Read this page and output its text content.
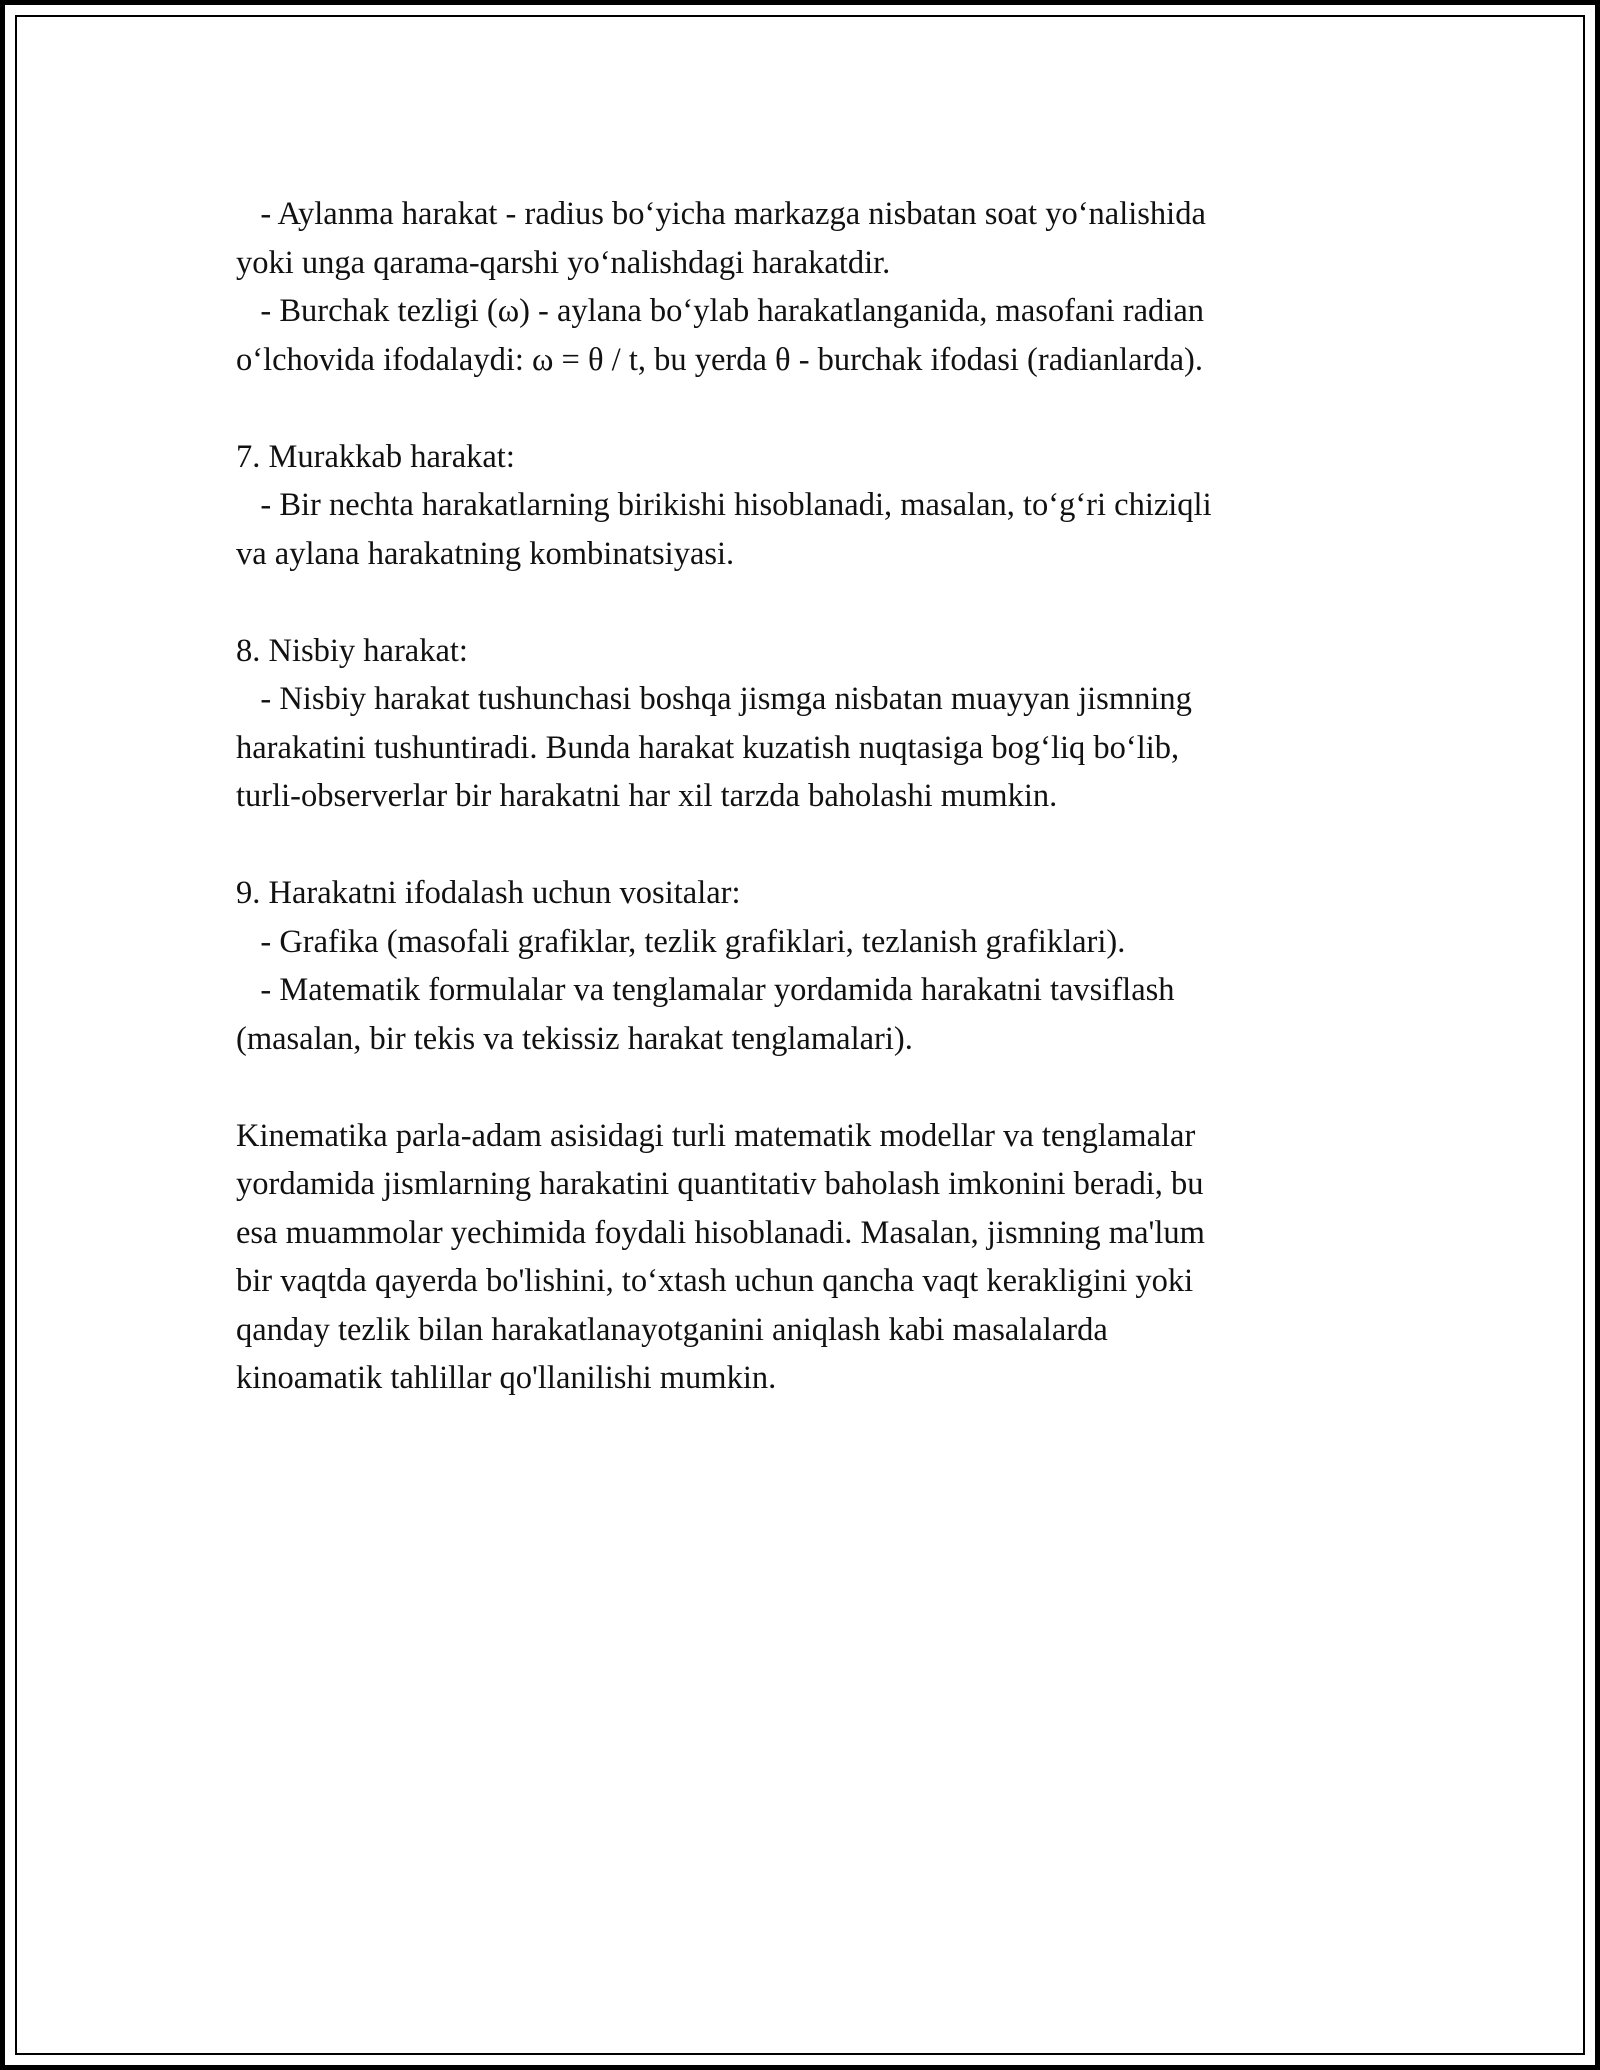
- Aylanma harakat - radius bo‘yicha markazga nisbatan soat yo‘nalishida
yoki unga qarama-qarshi yo‘nalishdagi harakatdir.
- Burchak tezligi (ω) - aylana bo‘ylab harakatlanganida, masofani radian
o‘lchovida ifodalaydi: ω = θ / t, bu yerda θ - burchak ifodasi (radianlarda).
7. Murakkab harakat:
- Bir nechta harakatlarning birikishi hisoblanadi, masalan, to‘g‘ri chiziqli
va aylana harakatning kombinatsiyasi.
8. Nisbiy harakat:
- Nisbiy harakat tushunchasi boshqa jismga nisbatan muayyan jismning
harakatini tushuntiradi. Bunda harakat kuzatish nuqtasiga bog‘liq bo‘lib,
turli-observerlar bir harakatni har xil tarzda baholashi mumkin.
9. Harakatni ifodalash uchun vositalar:
- Grafika (masofali grafiklar, tezlik grafiklari, tezlanish grafiklari).
- Matematik formulalar va tenglamalar yordamida harakatni tavsiflash
(masalan, bir tekis va tekissiz harakat tenglamalari).
Kinematika parla-adam asisidagi turli matematik modellar va tenglamalar
yordamida jismlarning harakatini quantitativ baholash imkonini beradi, bu
esa muammolar yechimida foydali hisoblanadi. Masalan, jismning ma'lum
bir vaqtda qayerda bo'lishini, to‘xtash uchun qancha vaqt kerakligini yoki
qanday tezlik bilan harakatlanayotganini aniqlash kabi masalalarda
kinoamatik tahlillar qo'llanilishi mumkin.
